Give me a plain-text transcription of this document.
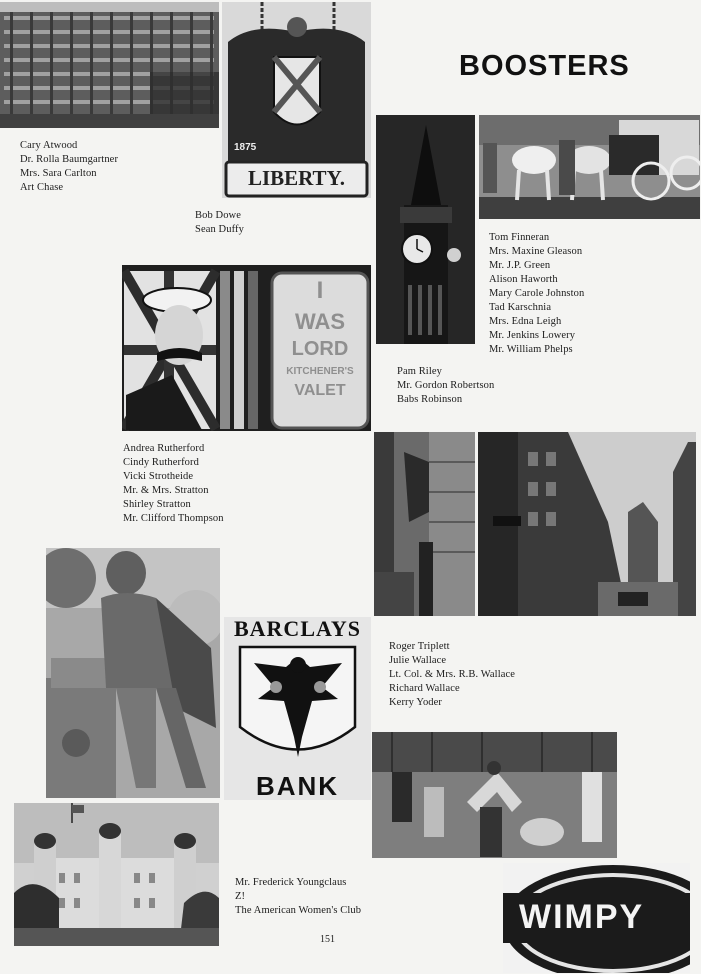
BOOSTERS
1875
LIBERTY.
I
WAS
LORD
KITCHENER'S
VALET
BARCLAYS
BANK
WIMPY
Cary Atwood
Dr. Rolla Baumgartner
Mrs. Sara Carlton
Art Chase
Bob Dowe
Sean Duffy
Tom Finneran
Mrs. Maxine Gleason
Mr. J.P. Green
Alison Haworth
Mary Carole Johnston
Tad Karschnia
Mrs. Edna Leigh
Mr. Jenkins Lowery
Mr. William Phelps
Pam Riley
Mr. Gordon Robertson
Babs Robinson
Andrea Rutherford
Cindy Rutherford
Vicki Strotheide
Mr. & Mrs. Stratton
Shirley Stratton
Mr. Clifford Thompson
Roger Triplett
Julie Wallace
Lt. Col. & Mrs. R.B. Wallace
Richard Wallace
Kerry Yoder
Mr. Frederick Youngclaus
Z!
The American Women's Club
151
